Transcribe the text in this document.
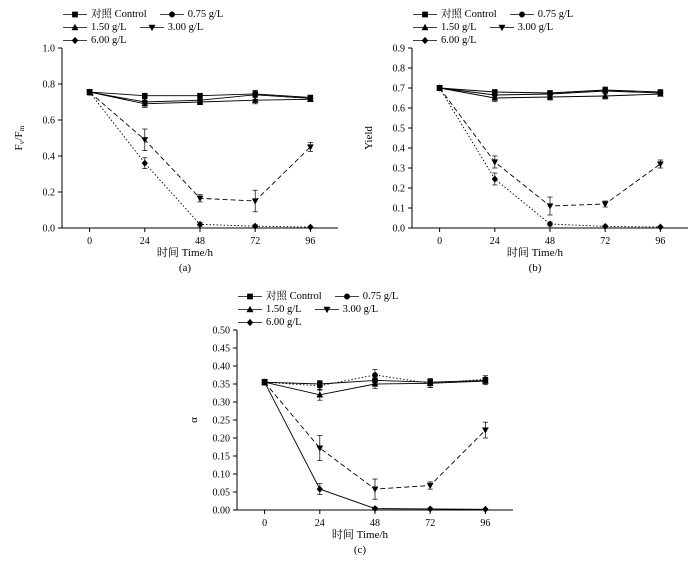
对照 Control	0.75 g/L
1.50 g/L	3.00 g/L
6.00 g/L
0.0
0.2
0.4
0.6
0.8
1.0
0	24	48	72	96
Fv/Fm
时间 Time/h
(a)
对照 Control	0.75 g/L
1.50 g/L	3.00 g/L
6.00 g/L
0.0
0.1
0.2
0.3
0.4
0.5
0.6
0.7
0.8
0.9
0	24	48	72	96
Yield
时间 Time/h
(b)
对照 Control	0.75 g/L
1.50 g/L	3.00 g/L
6.00 g/L
0.00
0.05
0.10
0.15
0.20
0.25
0.30
0.35
0.40
0.45
0.50
0	24	48	72	96
α
时间 Time/h
(c)
